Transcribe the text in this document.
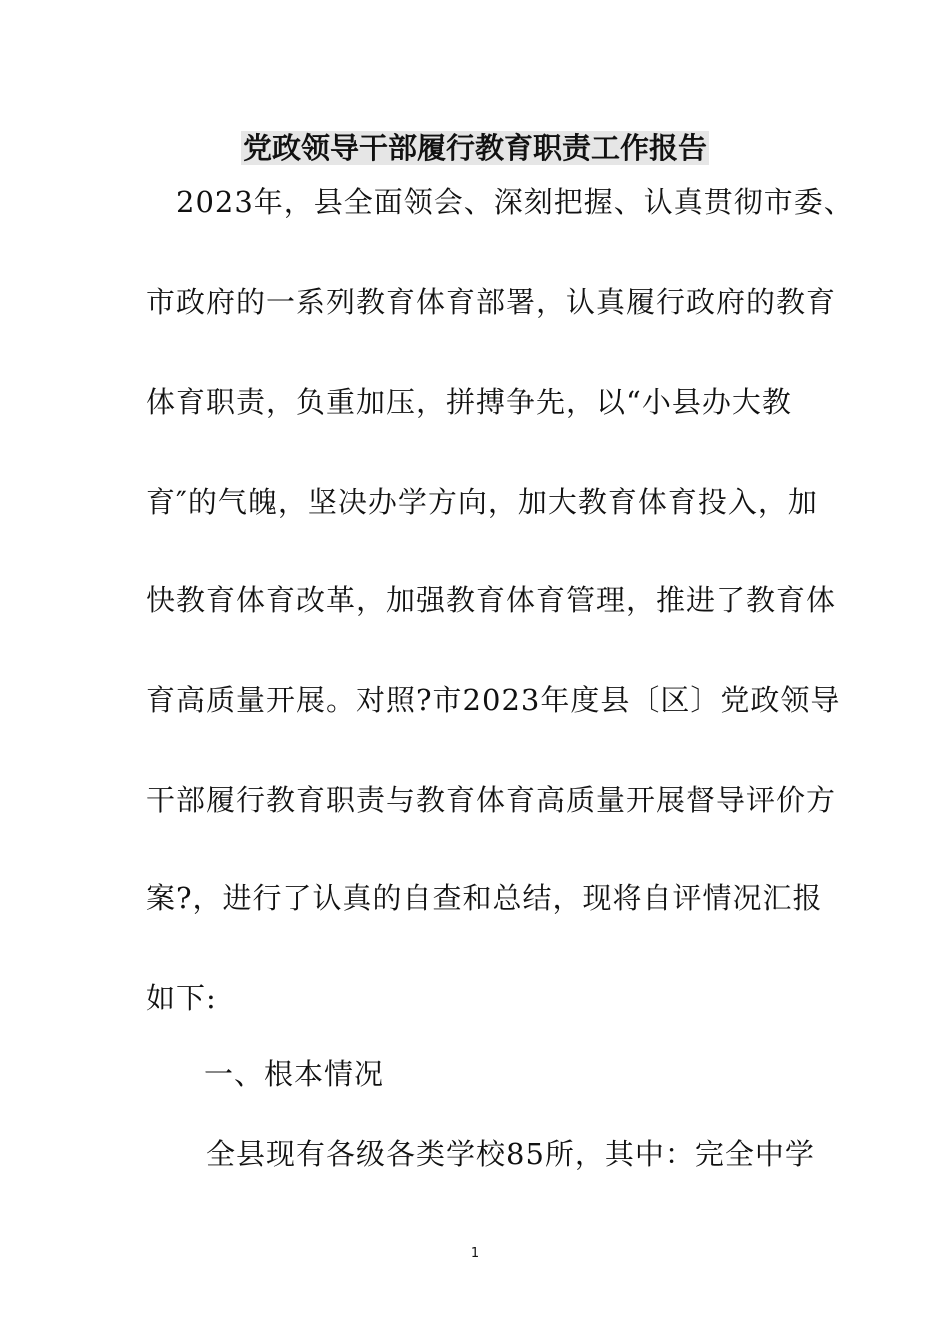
党政领导干部履行教育职责工作报告
2023年，县全面领会、深刻把握、认真贯彻市委、
市政府的一系列教育体育部署，认真履行政府的教育
体育职责，负重加压，拼搏争先，以“小县办大教
育″的气魄，坚决办学方向，加大教育体育投入，加
快教育体育改革，加强教育体育管理，推进了教育体
育高质量开展。对照?市2023年度县〔区〕党政领导
干部履行教育职责与教育体育高质量开展督导评价方
案?，进行了认真的自查和总结，现将自评情况汇报
如下:
一、根本情况
全县现有各级各类学校85所，其中：完全中学
1
